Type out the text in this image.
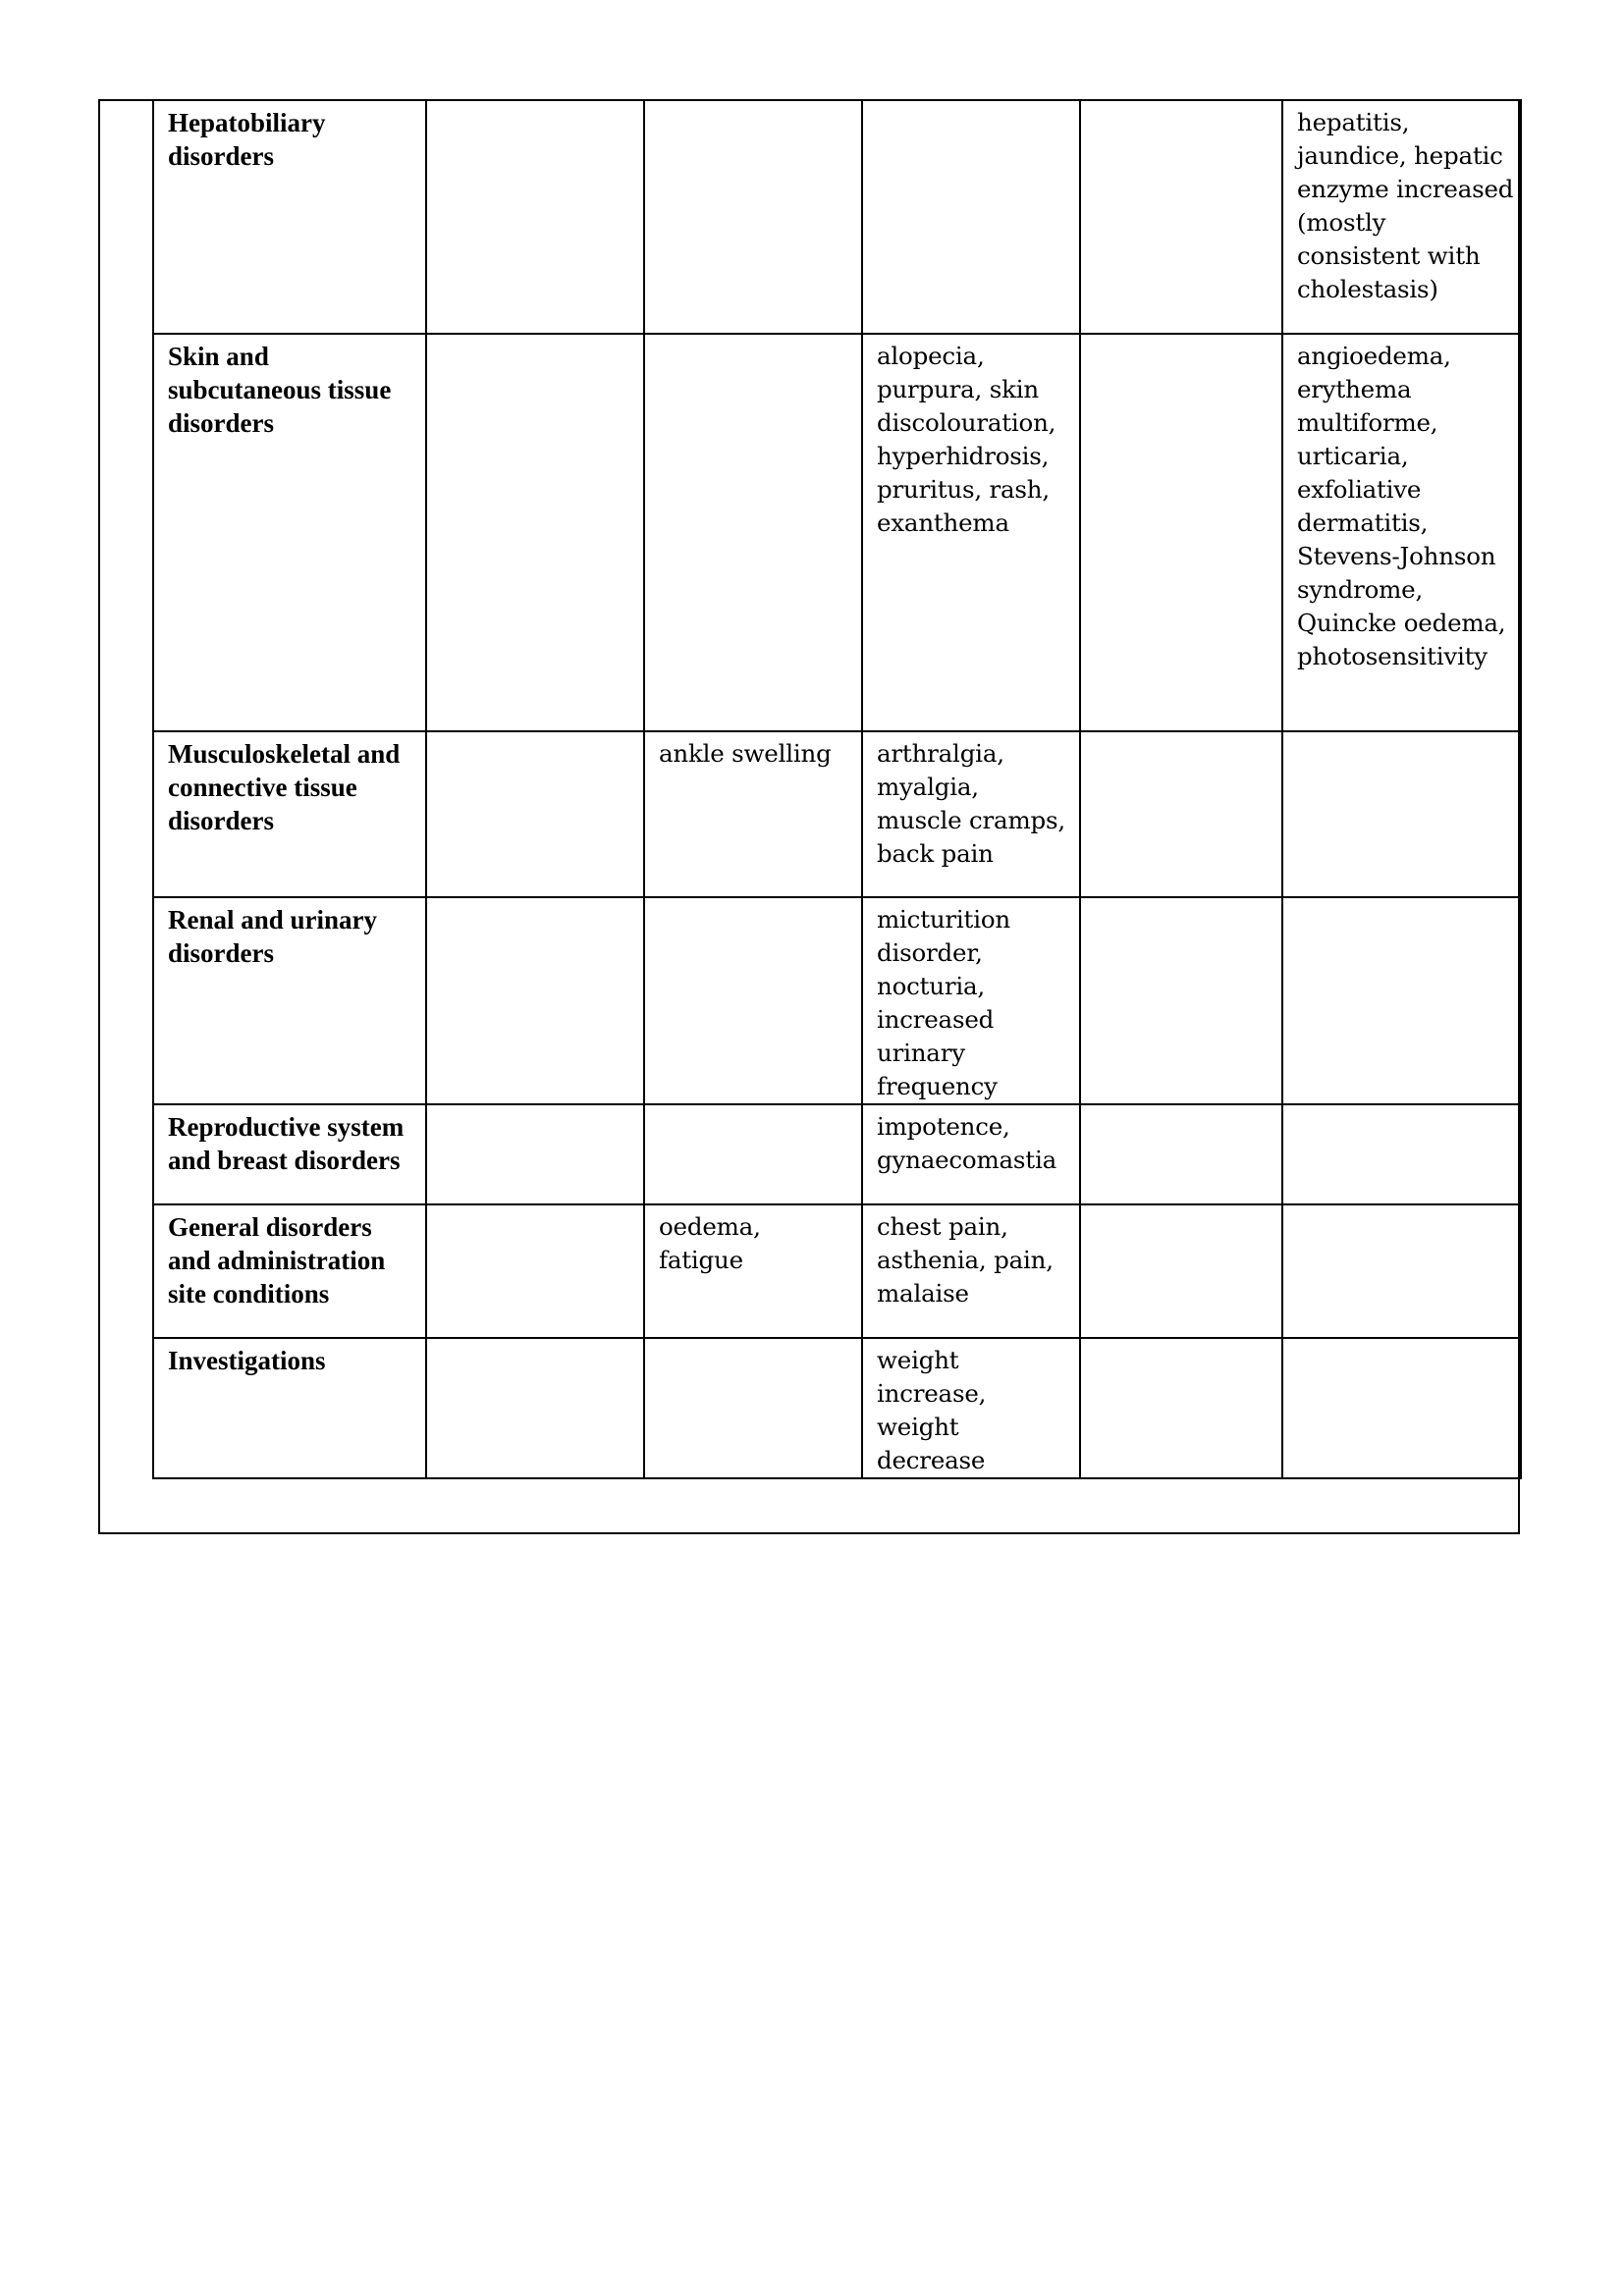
Hepatobiliary disorders					hepatitis, jaundice, hepatic enzyme increased (mostly consistent with cholestasis)
Skin and subcutaneous tissue disorders			alopecia, purpura, skin discolouration, hyperhidrosis, pruritus, rash, exanthema		angioedema, erythema multiforme, urticaria, exfoliative dermatitis, Stevens-Johnson syndrome, Quincke oedema, photosensitivity
Musculoskeletal and connective tissue disorders		ankle swelling	arthralgia, myalgia, muscle cramps, back pain		
Renal and urinary disorders			micturition disorder, nocturia, increased urinary frequency		
Reproductive system and breast disorders			impotence, gynaecomastia		
General disorders and administration site conditions		oedema, fatigue	chest pain, asthenia, pain, malaise		
Investigations			weight increase, weight decrease		
